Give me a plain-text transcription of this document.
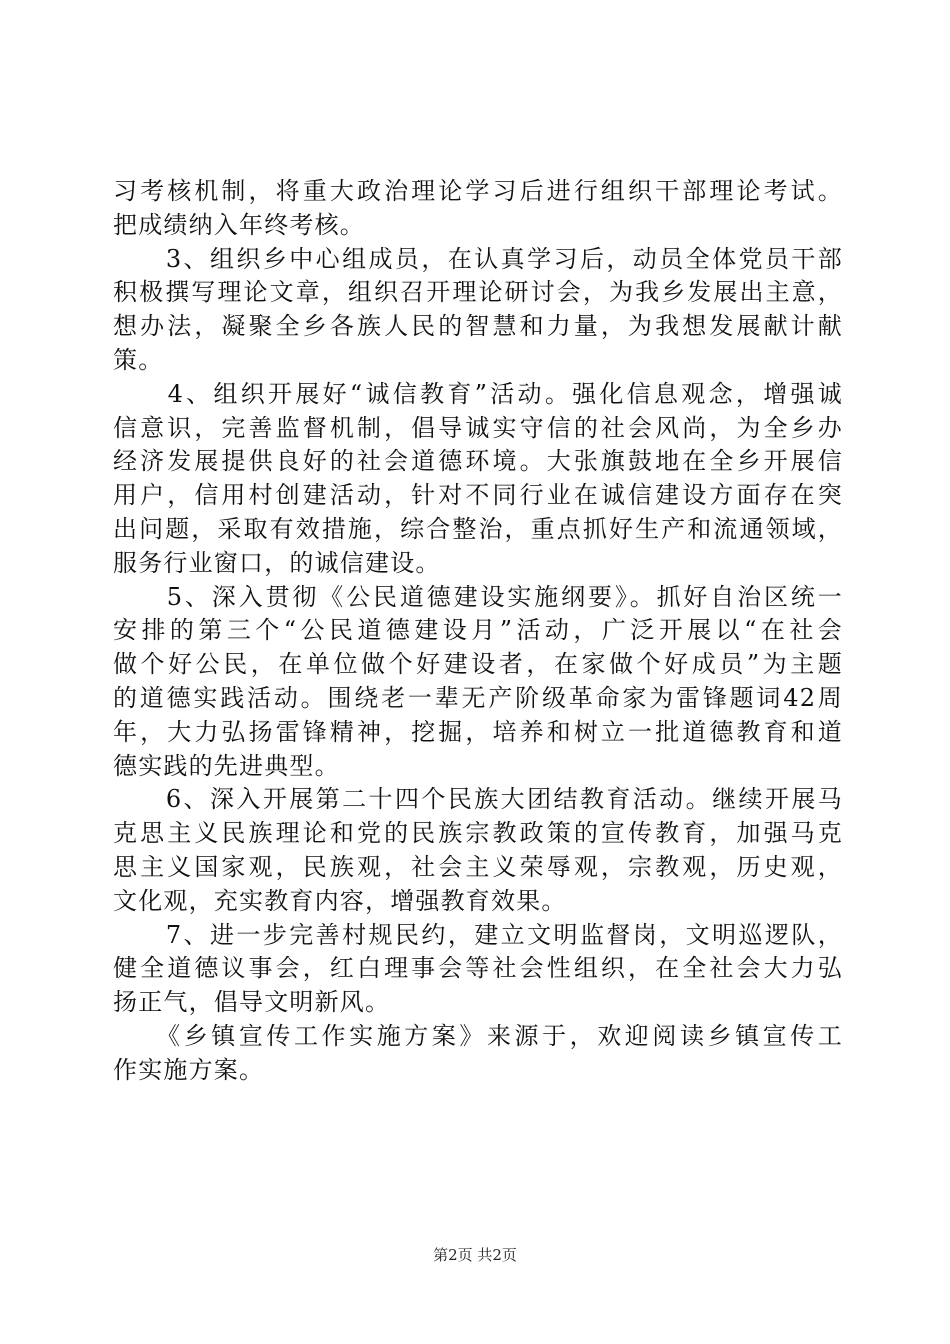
习考核机制，将重大政治理论学习后进行组织干部理论考试。
把成绩纳入年终考核。
　　3、组织乡中心组成员，在认真学习后，动员全体党员干部
积极撰写理论文章，组织召开理论研讨会，为我乡发展出主意，
想办法，凝聚全乡各族人民的智慧和力量，为我想发展献计献
策。
　　4、组织开展好“诚信教育”活动。强化信息观念，增强诚
信意识，完善监督机制，倡导诚实守信的社会风尚，为全乡办
经济发展提供良好的社会道德环境。大张旗鼓地在全乡开展信
用户，信用村创建活动，针对不同行业在诚信建设方面存在突
出问题，采取有效措施，综合整治，重点抓好生产和流通领域，
服务行业窗口，的诚信建设。
　　5、深入贯彻《公民道德建设实施纲要》。抓好自治区统一
安排的第三个“公民道德建设月”活动，广泛开展以“在社会
做个好公民，在单位做个好建设者，在家做个好成员”为主题
的道德实践活动。围绕老一辈无产阶级革命家为雷锋题词42周
年，大力弘扬雷锋精神，挖掘，培养和树立一批道德教育和道
德实践的先进典型。
　　6、深入开展第二十四个民族大团结教育活动。继续开展马
克思主义民族理论和党的民族宗教政策的宣传教育，加强马克
思主义国家观，民族观，社会主义荣辱观，宗教观，历史观，
文化观，充实教育内容，增强教育效果。
　　7、进一步完善村规民约，建立文明监督岗，文明巡逻队，
健全道德议事会，红白理事会等社会性组织，在全社会大力弘
扬正气，倡导文明新风。
　　《乡镇宣传工作实施方案》来源于，欢迎阅读乡镇宣传工
作实施方案。
第2页 共2页
